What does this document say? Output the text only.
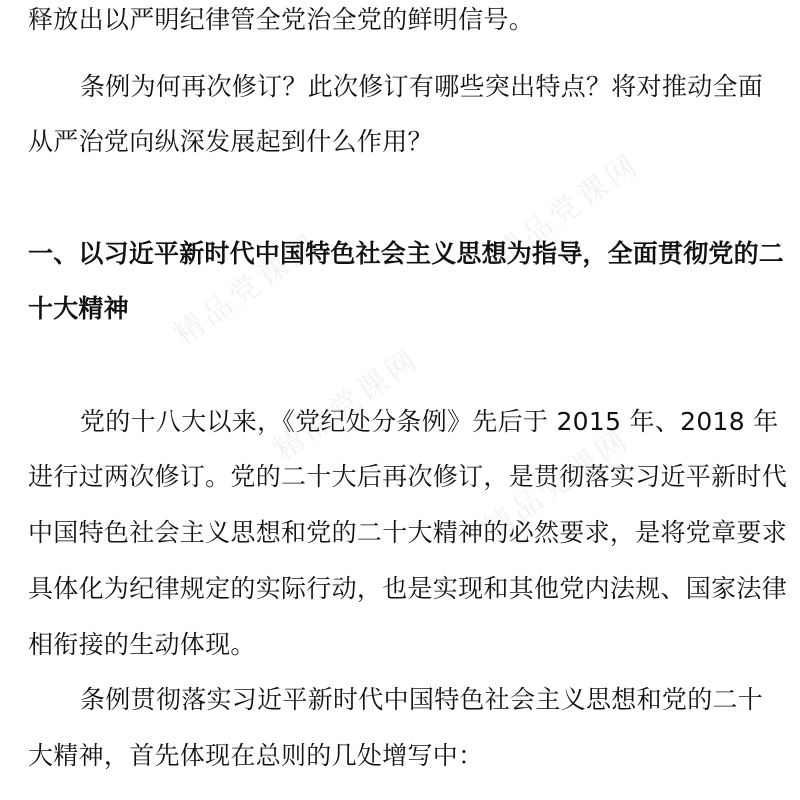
精品党课网
精品党课网
精品党课网
精品党课网
释放出以严明纪律管全党治全党的鲜明信号。
条例为何再次修订？此次修订有哪些突出特点？将对推动全面
从严治党向纵深发展起到什么作用？
一、以习近平新时代中国特色社会主义思想为指导，全面贯彻党的二
十大精神
党的十八大以来，《党纪处分条例》先后于 2015 年、2018 年
进行过两次修订。党的二十大后再次修订，是贯彻落实习近平新时代
中国特色社会主义思想和党的二十大精神的必然要求，是将党章要求
具体化为纪律规定的实际行动，也是实现和其他党内法规、国家法律
相衔接的生动体现。
条例贯彻落实习近平新时代中国特色社会主义思想和党的二十
大精神，首先体现在总则的几处增写中：
